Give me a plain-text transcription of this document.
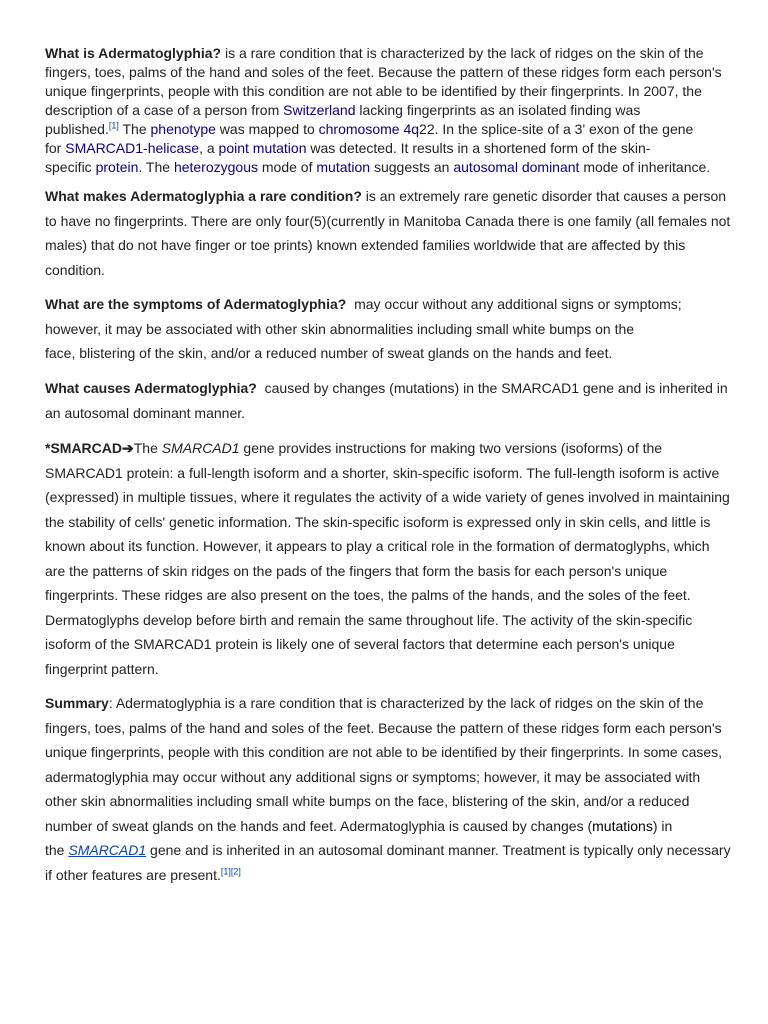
What is Adermatoglyphia? is a rare condition that is characterized by the lack of ridges on the skin of the
fingers, toes, palms of the hand and soles of the feet. Because the pattern of these ridges form each person's
unique fingerprints, people with this condition are not able to be identified by their fingerprints. In 2007, the
description of a case of a person from Switzerland lacking fingerprints as an isolated finding was
published.[1] The phenotype was mapped to chromosome 4q22. In the splice-site of a 3' exon of the gene
for SMARCAD1-helicase, a point mutation was detected. It results in a shortened form of the skin-
specific protein. The heterozygous mode of mutation suggests an autosomal dominant mode of inheritance.

What makes Adermatoglyphia a rare condition? is an extremely rare genetic disorder that causes a person
to have no fingerprints. There are only four(5)(currently in Manitoba Canada there is one family (all females not
males) that do not have finger or toe prints) known extended families worldwide that are affected by this
condition.

What are the symptoms of Adermatoglyphia?  may occur without any additional signs or symptoms;
however, it may be associated with other skin abnormalities including small white bumps on the
face, blistering of the skin, and/or a reduced number of sweat glands on the hands and feet.

What causes Adermatoglyphia?  caused by changes (mutations) in the SMARCAD1 gene and is inherited in
an autosomal dominant manner.

*SMARCAD➔The SMARCAD1 gene provides instructions for making two versions (isoforms) of the
SMARCAD1 protein: a full-length isoform and a shorter, skin-specific isoform. The full-length isoform is active
(expressed) in multiple tissues, where it regulates the activity of a wide variety of genes involved in maintaining
the stability of cells' genetic information. The skin-specific isoform is expressed only in skin cells, and little is
known about its function. However, it appears to play a critical role in the formation of dermatoglyphs, which
are the patterns of skin ridges on the pads of the fingers that form the basis for each person's unique
fingerprints. These ridges are also present on the toes, the palms of the hands, and the soles of the feet.
Dermatoglyphs develop before birth and remain the same throughout life. The activity of the skin-specific
isoform of the SMARCAD1 protein is likely one of several factors that determine each person's unique
fingerprint pattern.

Summary: Adermatoglyphia is a rare condition that is characterized by the lack of ridges on the skin of the
fingers, toes, palms of the hand and soles of the feet. Because the pattern of these ridges form each person's
unique fingerprints, people with this condition are not able to be identified by their fingerprints. In some cases,
adermatoglyphia may occur without any additional signs or symptoms; however, it may be associated with
other skin abnormalities including small white bumps on the face, blistering of the skin, and/or a reduced
number of sweat glands on the hands and feet. Adermatoglyphia is caused by changes (mutations) in
the SMARCAD1 gene and is inherited in an autosomal dominant manner. Treatment is typically only necessary
if other features are present.[1][2]
